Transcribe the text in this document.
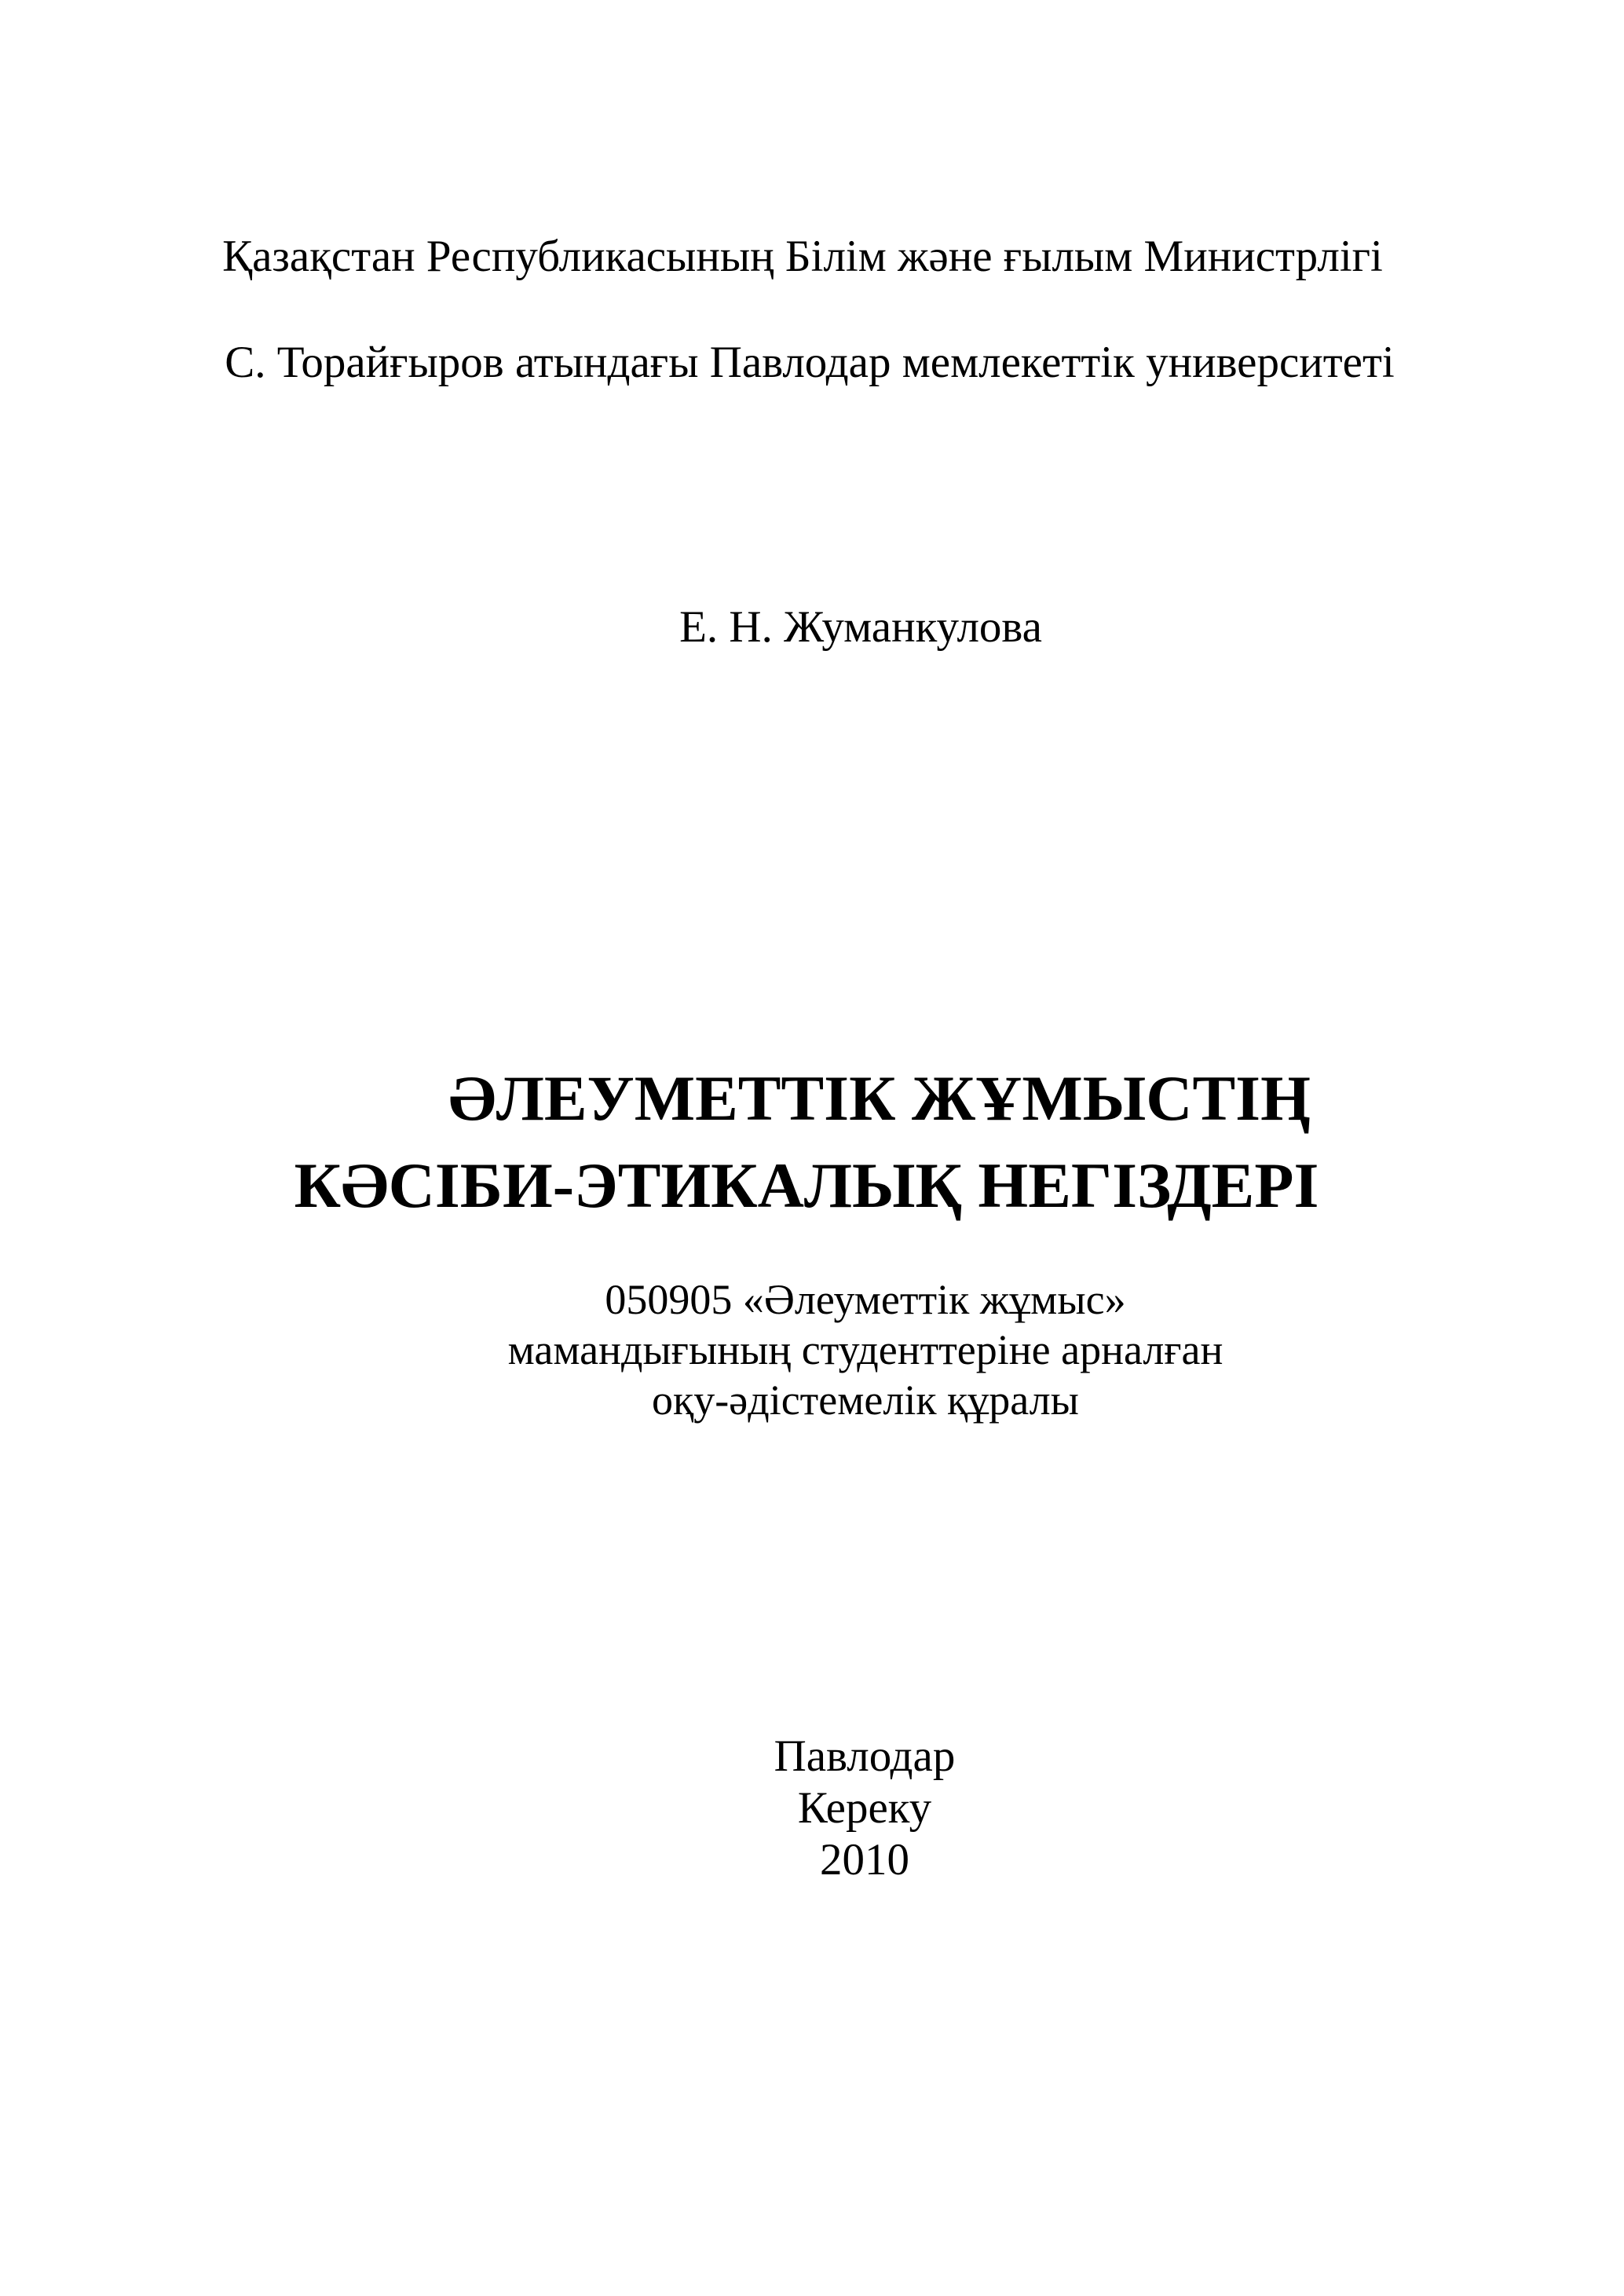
Қазақстан Республикасының Білім және ғылым Министрлігі
С. Торайғыров атындағы Павлодар мемлекеттік университеті
Е. Н. Жуманкулова
ӘЛЕУМЕТТІК ЖҰМЫСТІҢ
КӘСІБИ-ЭТИКАЛЫҚ НЕГІЗДЕРІ
050905 «Әлеуметтік жұмыс»
мамандығының студенттеріне арналған
оқу-әдістемелік құралы
Павлодар
Кереку
2010
